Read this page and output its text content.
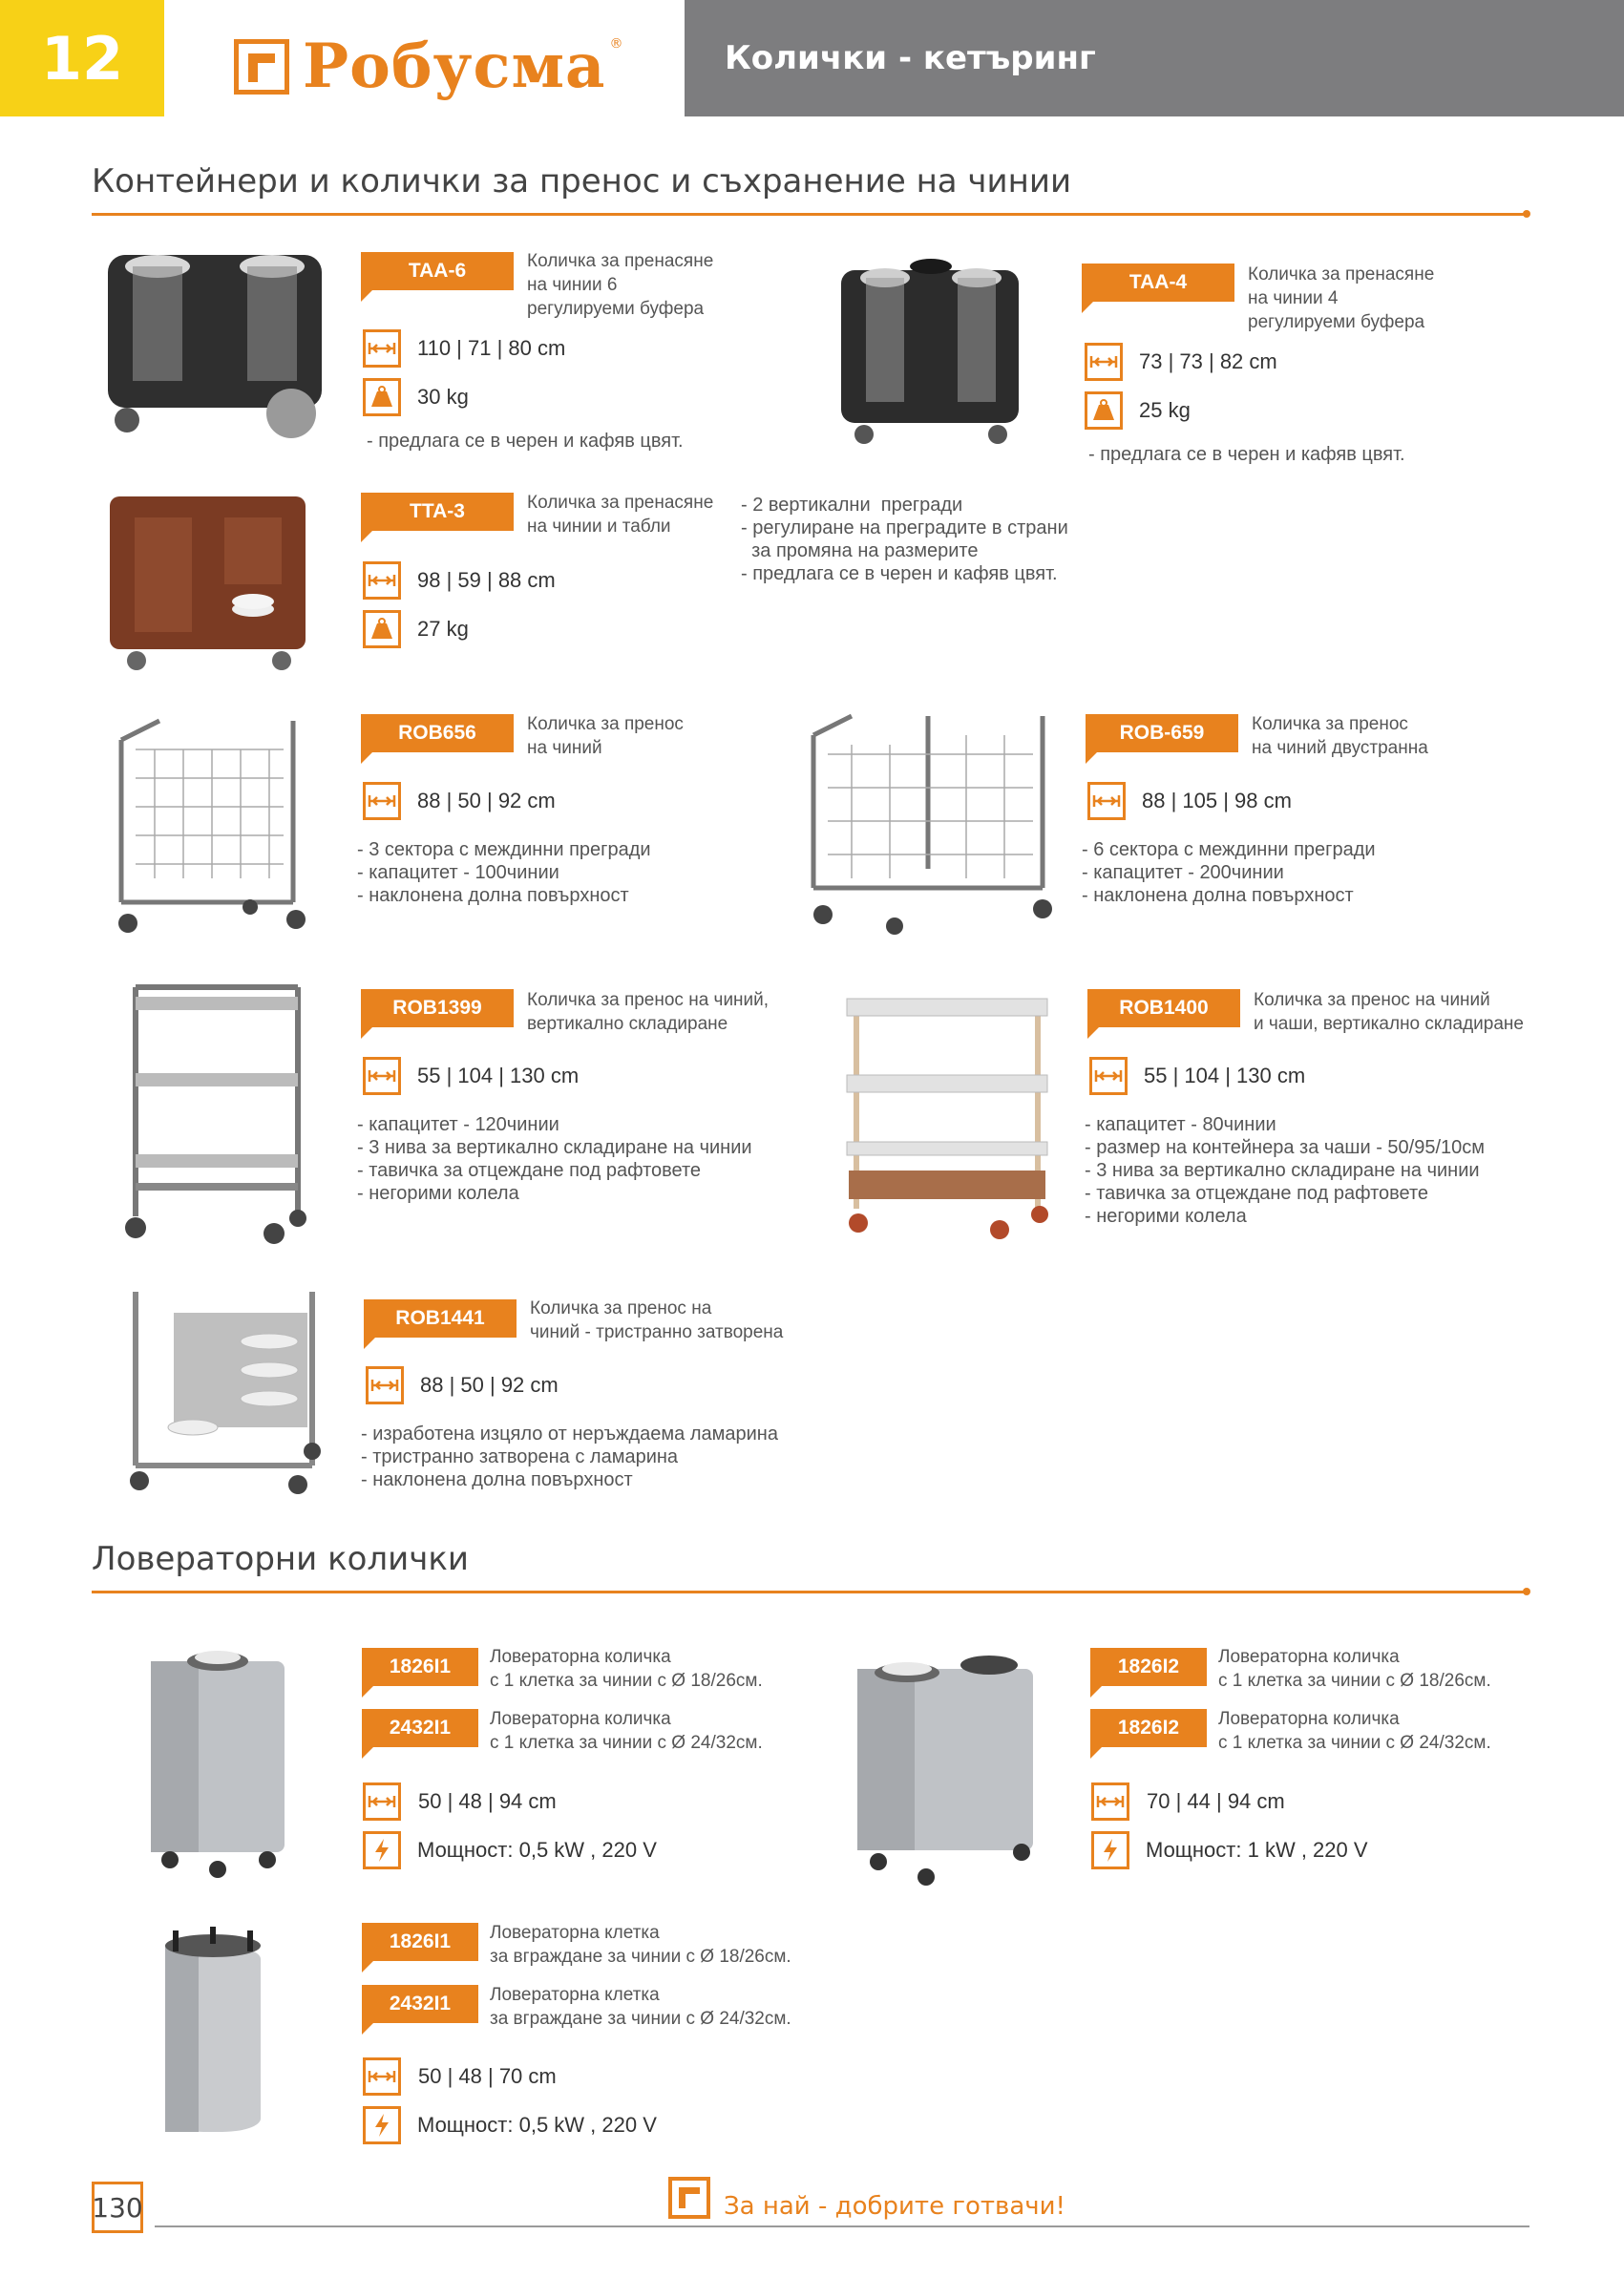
12	Робусмa ®	Колички - кетъринг
Контейнери и колички за пренос и съхранение на чинии
TAA-6	Количка за пренасяне
на чинии 6
регулируеми буфера
110 | 71 | 80 cm
30 kg
- предлага се в черен и кафяв цвят.
TAA-4	Количка за пренасяне
на чинии 4
регулируеми буфера
73 | 73 | 82 cm
25 kg
- предлага се в черен и кафяв цвят.
TTA-3	Количка за пренасяне
на чинии и табли
- 2 вертикални  прегради
- регулиране на преградите в страни
за промяна на размерите
- предлага се в черен и кафяв цвят.
98 | 59 | 88 cm
27 kg
ROB656	Количка за пренос
на чиний
88 | 50 | 92 cm
- 3 сектора с междинни прегради
- капацитет - 100чинии
- наклонена долна повърхност
ROB-659	Количка за пренос
на чиний двустранна
88 | 105 | 98 cm
- 6 сектора с междинни прегради
- капацитет - 200чинии
- наклонена долна повърхност
ROB1399	Количка за пренос на чиний,
вертикално складиране
55 | 104 | 130 cm
- капацитет - 120чинии
- 3 нива за вертикално складиране на чинии
- тавичка за отцеждане под рафтовете
- негорими колела
ROB1400	Количка за пренос на чиний
и чаши, вертикално складиране
55 | 104 | 130 cm
- капацитет - 80чинии
- размер на контейнера за чаши - 50/95/10см
- 3 нива за вертикално складиране на чинии
- тавичка за отцеждане под рафтовете
- негорими колела
ROB1441	Количка за пренос на
чиний - тристранно затворена
88 | 50 | 92 cm
- изработена изцяло от неръждаема ламарина
- тристранно затворена с ламарина
- наклонена долна повърхност
Ловераторни колички
1826I1	Ловераторна количка
с 1 клетка за чинии с Ø 18/26см.
2432I1	Ловераторна количка
с 1 клетка за чинии с Ø 24/32см.
50 | 48 | 94 cm
Мощност: 0,5 kW , 220 V
1826I2	Ловераторна количка
с 1 клетка за чинии с Ø 18/26см.
1826I2	Ловераторна количка
с 1 клетка за чинии с Ø 24/32см.
70 | 44 | 94 cm
Мощност: 1 kW , 220 V
1826I1	Ловераторна клетка
за вграждане за чинии с Ø 18/26см.
2432I1	Ловераторна клетка
за вграждане за чинии с Ø 24/32см.
50 | 48 | 70 cm
Мощност: 0,5 kW , 220 V
130	За най - добрите готвачи!
